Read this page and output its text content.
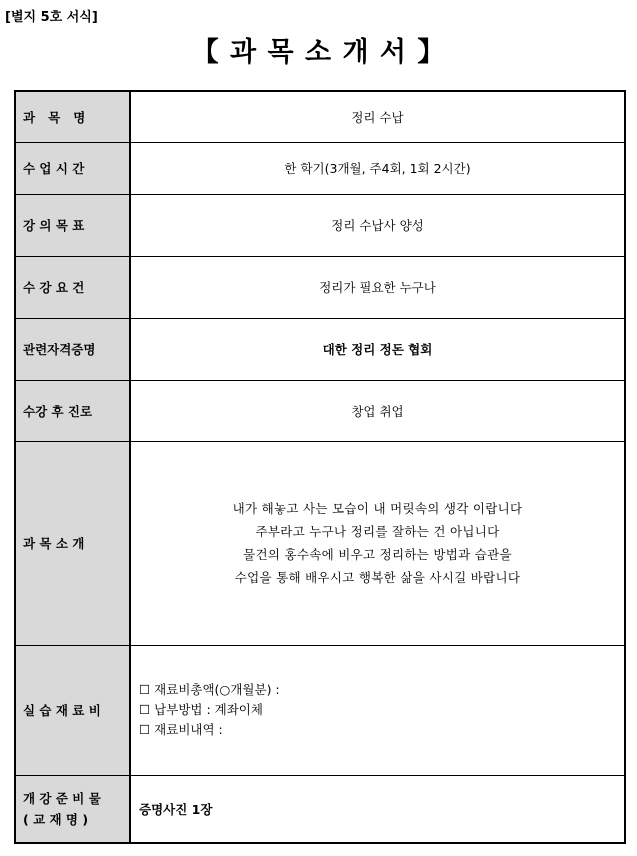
[별지 5호 서식]
【 과 목 소 개 서 】
과   목   명	정리 수납
수 업 시 간	한 학기(3개월, 주4회, 1회 2시간)
강 의 목 표	정리 수납사 양성
수 강 요 건	정리가 필요한 누구나
관련자격증명	대한 정리 정돈 협회
수강 후 진로	창업 취업
과 목 소 개	내가 해놓고 사는 모습이 내 머릿속의 생각 이랍니다
주부라고 누구나 정리를 잘하는 건 아닙니다
물건의 홍수속에 비우고 정리하는 방법과 습관을
수업을 통해 배우시고 행복한 삶을 사시길 바랍니다

실 습 재 료 비	☐ 재료비총액(○개월분) :
☐ 납부방법 : 계좌이체
☐ 재료비내역 :

개 강 준 비 물
( 교 재 명 )	증명사진 1장
